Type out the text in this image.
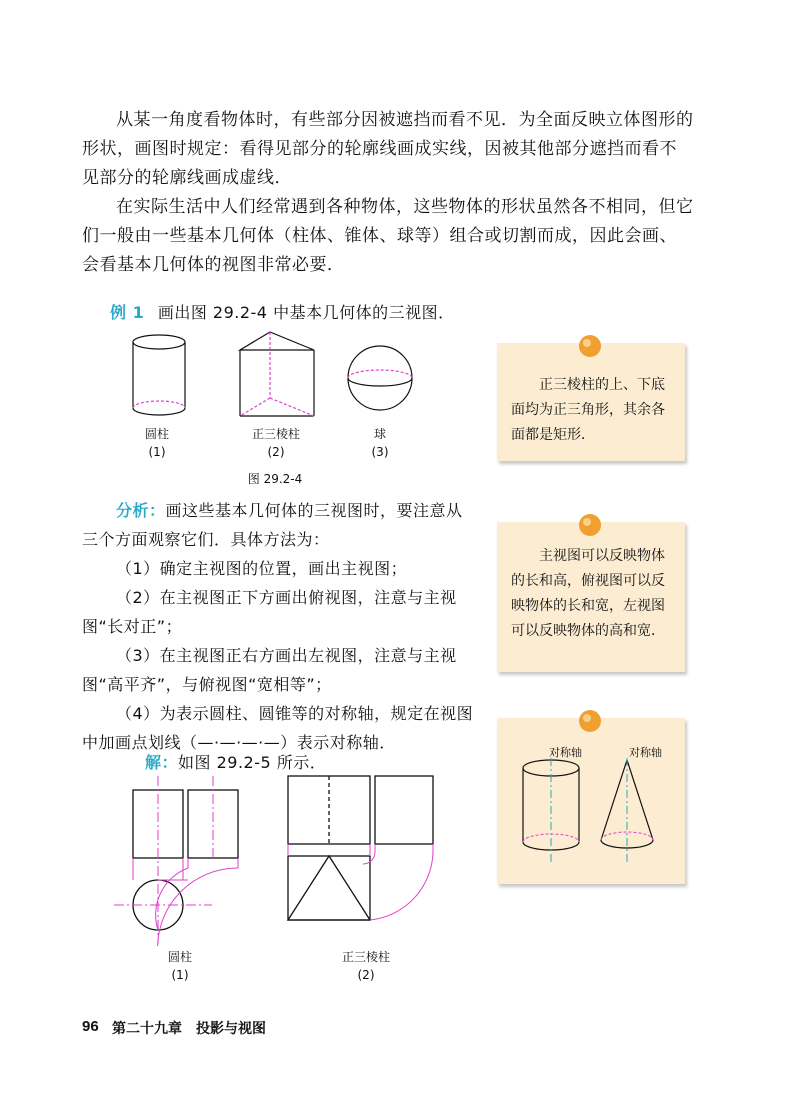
从某一角度看物体时，有些部分因被遮挡而看不见．为全面反映立体图形的形状，画图时规定：看得见部分的轮廓线画成实线，因被其他部分遮挡而看不见部分的轮廓线画成虚线．

在实际生活中人们经常遇到各种物体，这些物体的形状虽然各不相同，但它们一般由一些基本几何体（柱体、锥体、球等）组合或切割而成，因此会画、会看基本几何体的视图非常必要．

例 1 画出图 29.2-4 中基本几何体的三视图．
圆柱
(1)
正三棱柱
(2)
球
(3)
图 29.2-4

分析：画这些基本几何体的三视图时，要注意从三个方面观察它们．具体方法为：

（1）确定主视图的位置，画出主视图；

（2）在主视图正下方画出俯视图，注意与主视图“长对正”；

（3）在主视图正右方画出左视图，注意与主视图“高平齐”，与俯视图“宽相等”；

（4）为表示圆柱、圆锥等的对称轴，规定在视图中加画点划线（—·—·—·—）表示对称轴．

解：如图 29.2-5 所示．
圆柱
(1)
正三棱柱
(2)

正三棱柱的上、下底面均为正三角形，其余各面都是矩形．

主视图可以反映物体的长和高，俯视图可以反映物体的长和宽，左视图可以反映物体的高和宽．

对称轴	对称轴
96 第二十九章　投影与视图
